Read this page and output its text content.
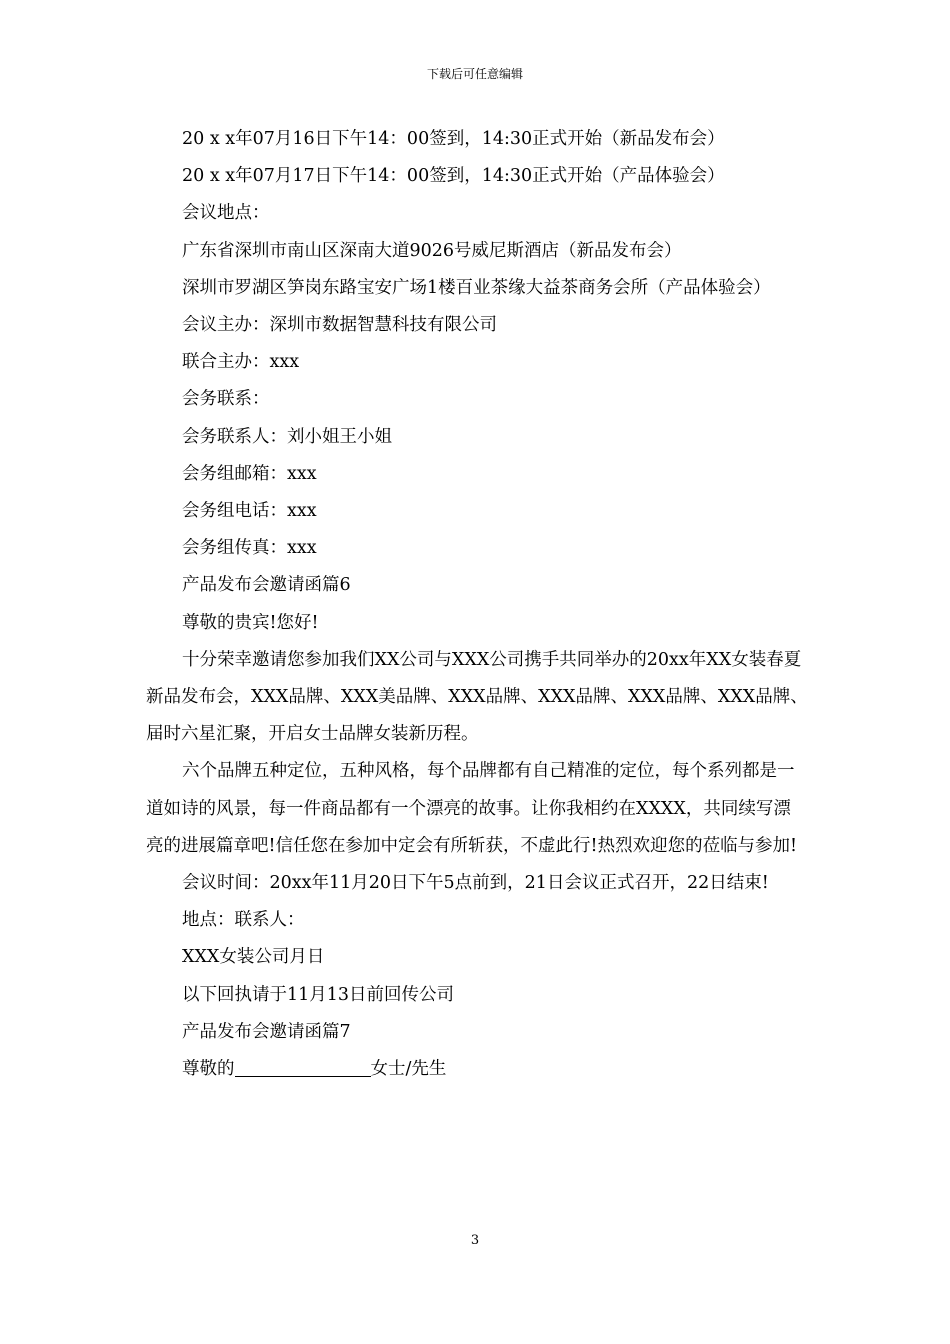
下载后可任意编辑

20 x x年07月16日下午14：00签到，14:30正式开始（新品发布会）

20 x x年07月17日下午14：00签到，14:30正式开始（产品体验会）

会议地点：

广东省深圳市南山区深南大道9026号威尼斯酒店（新品发布会）

深圳市罗湖区笋岗东路宝安广场1楼百业茶缘大益茶商务会所（产品体验会）

会议主办：深圳市数据智慧科技有限公司

联合主办：xxx

会务联系：

会务联系人：刘小姐王小姐

会务组邮箱：xxx

会务组电话：xxx

会务组传真：xxx

产品发布会邀请函篇6

尊敬的贵宾!您好!

十分荣幸邀请您参加我们XX公司与XXX公司携手共同举办的20xx年XX女装春夏新品发布会，XXX品牌、XXX美品牌、XXX品牌、XXX品牌、XXX品牌、XXX品牌、届时六星汇聚，开启女士品牌女装新历程。

六个品牌五种定位，五种风格，每个品牌都有自己精准的定位，每个系列都是一道如诗的风景，每一件商品都有一个漂亮的故事。让你我相约在XXXX，共同续写漂亮的进展篇章吧!信任您在参加中定会有所斩获，不虚此行!热烈欢迎您的莅临与参加!

会议时间：20xx年11月20日下午5点前到，21日会议正式召开，22日结束!

地点：联系人：

XXX女装公司月日

以下回执请于11月13日前回传公司

产品发布会邀请函篇7

尊敬的	女士/先生

3
